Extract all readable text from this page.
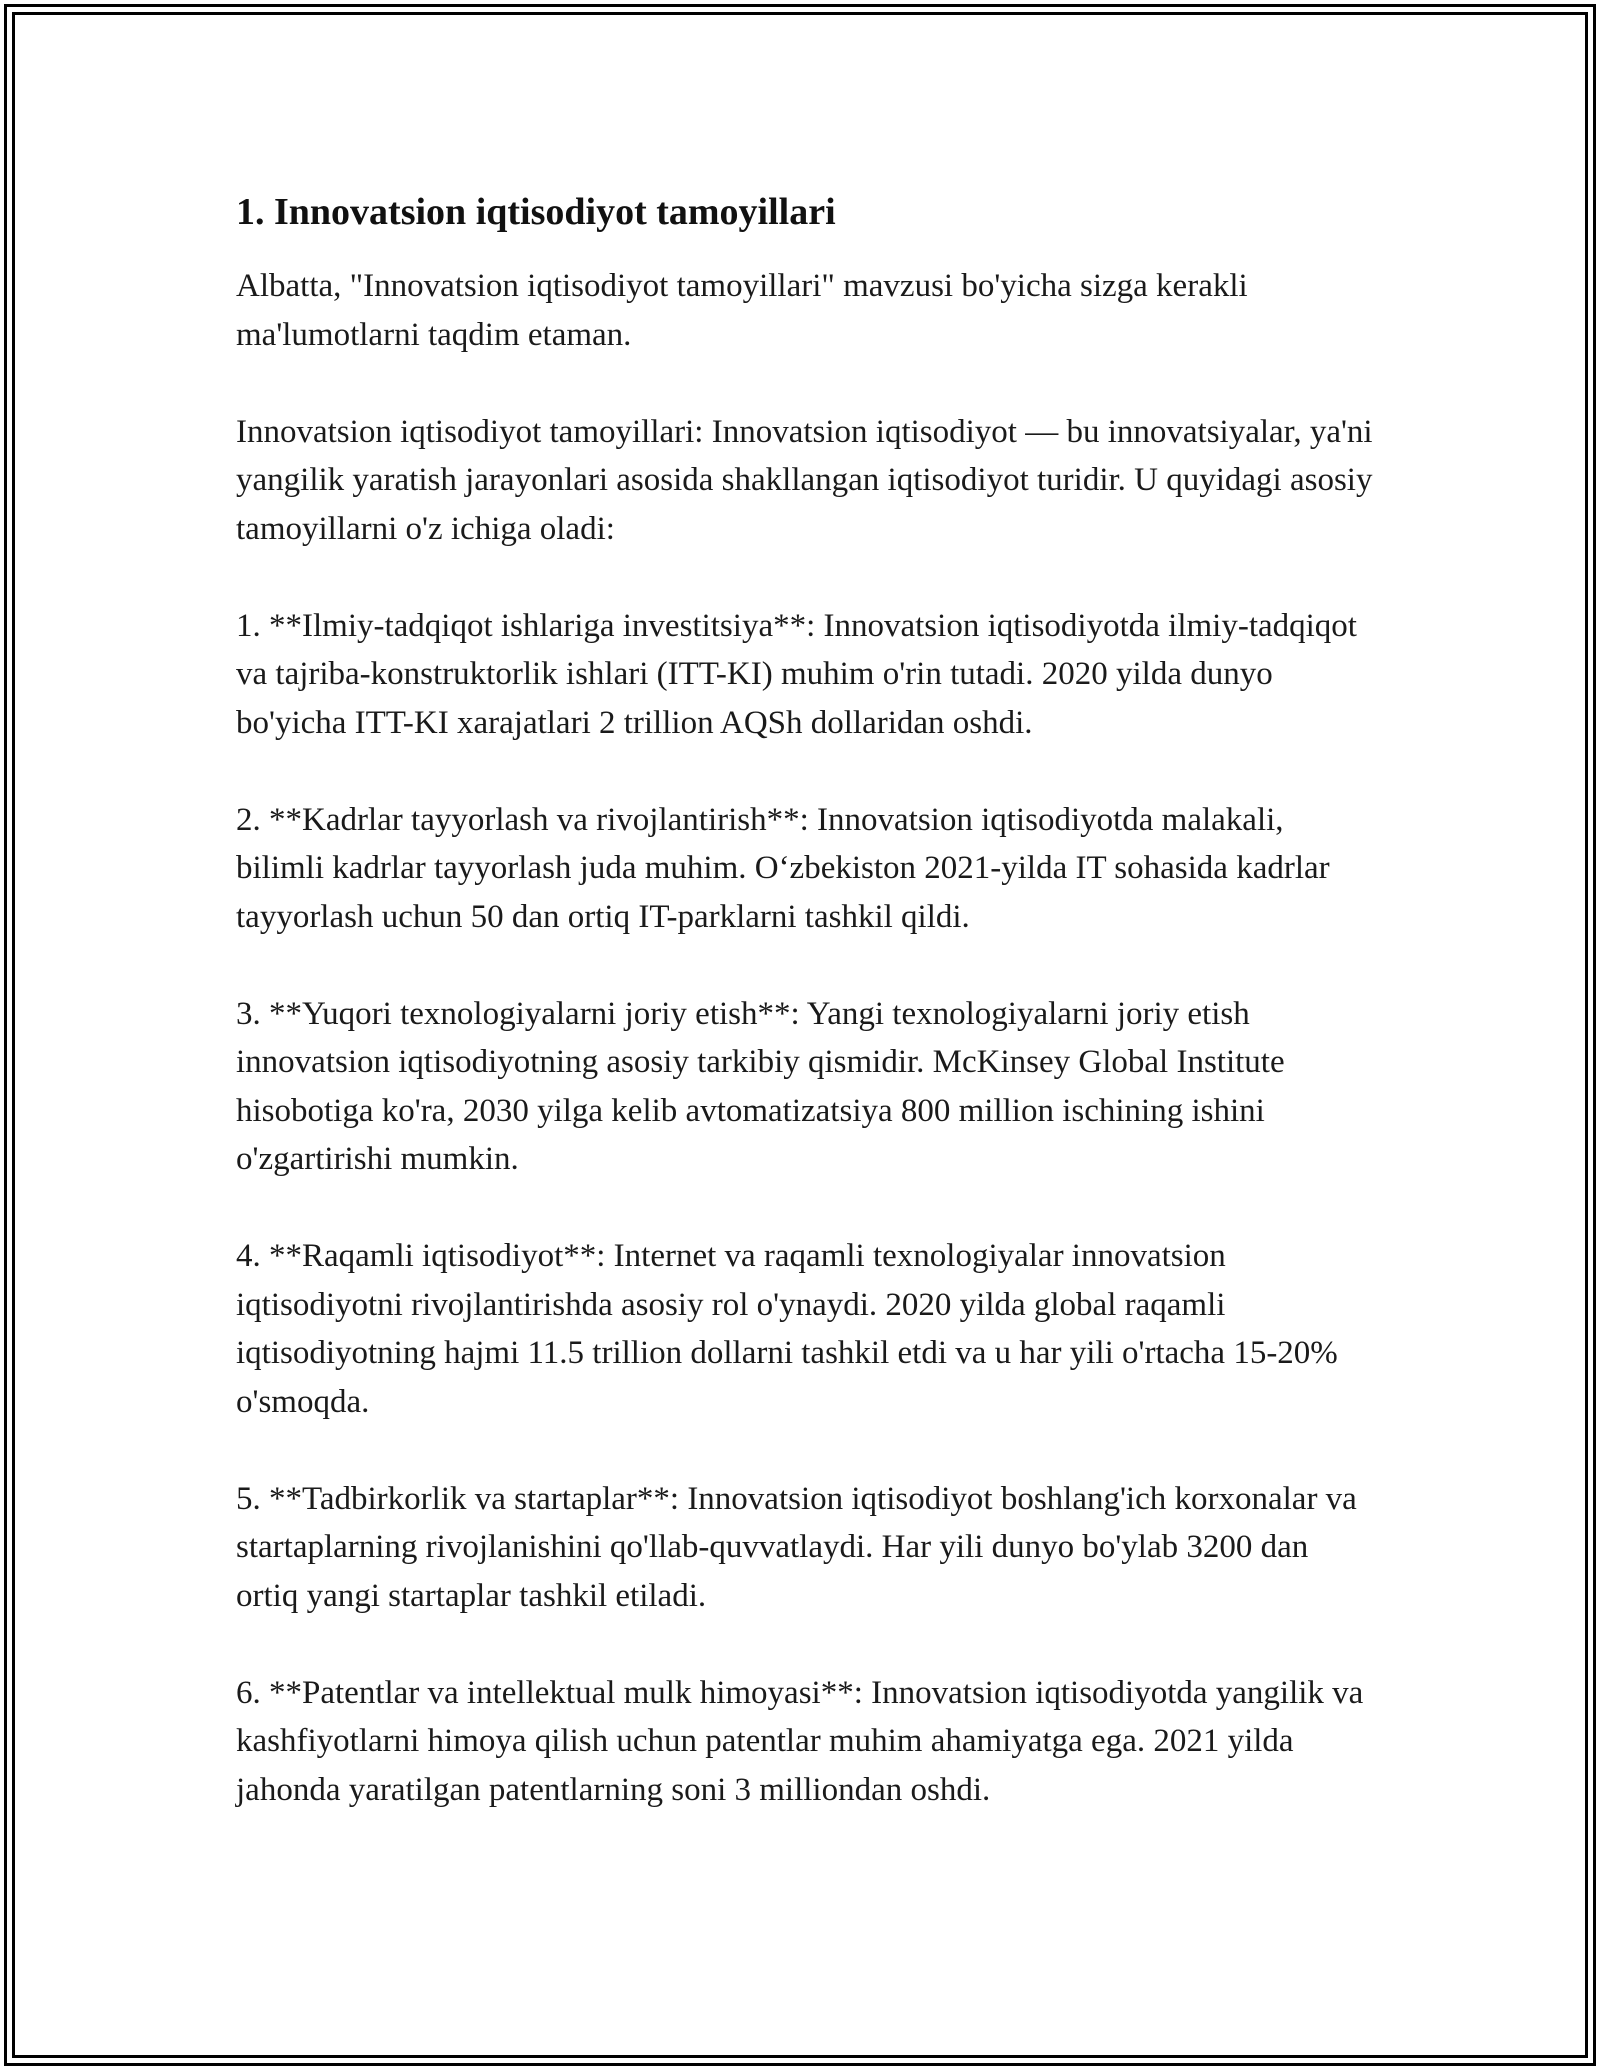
1. Innovatsion iqtisodiyot tamoyillari

Albatta, "Innovatsion iqtisodiyot tamoyillari" mavzusi bo'yicha sizga kerakli ma'lumotlarni taqdim etaman.

Innovatsion iqtisodiyot tamoyillari: Innovatsion iqtisodiyot — bu innovatsiyalar, ya'ni yangilik yaratish jarayonlari asosida shakllangan iqtisodiyot turidir. U quyidagi asosiy tamoyillarni o'z ichiga oladi:

1. **Ilmiy-tadqiqot ishlariga investitsiya**: Innovatsion iqtisodiyotda ilmiy-tadqiqot va tajriba-konstruktorlik ishlari (ITT-KI) muhim o'rin tutadi. 2020 yilda dunyo bo'yicha ITT-KI xarajatlari 2 trillion AQSh dollaridan oshdi.

2. **Kadrlar tayyorlash va rivojlantirish**: Innovatsion iqtisodiyotda malakali, bilimli kadrlar tayyorlash juda muhim. O‘zbekiston 2021-yilda IT sohasida kadrlar tayyorlash uchun 50 dan ortiq IT-parklarni tashkil qildi.

3. **Yuqori texnologiyalarni joriy etish**: Yangi texnologiyalarni joriy etish innovatsion iqtisodiyotning asosiy tarkibiy qismidir. McKinsey Global Institute hisobotiga ko'ra, 2030 yilga kelib avtomatizatsiya 800 million ischining ishini o'zgartirishi mumkin.

4. **Raqamli iqtisodiyot**: Internet va raqamli texnologiyalar innovatsion iqtisodiyotni rivojlantirishda asosiy rol o'ynaydi. 2020 yilda global raqamli iqtisodiyotning hajmi 11.5 trillion dollarni tashkil etdi va u har yili o'rtacha 15-20% o'smoqda.

5. **Tadbirkorlik va startaplar**: Innovatsion iqtisodiyot boshlang'ich korxonalar va startaplarning rivojlanishini qo'llab-quvvatlaydi. Har yili dunyo bo'ylab 3200 dan ortiq yangi startaplar tashkil etiladi.

6. **Patentlar va intellektual mulk himoyasi**: Innovatsion iqtisodiyotda yangilik va kashfiyotlarni himoya qilish uchun patentlar muhim ahamiyatga ega. 2021 yilda jahonda yaratilgan patentlarning soni 3 milliondan oshdi.
